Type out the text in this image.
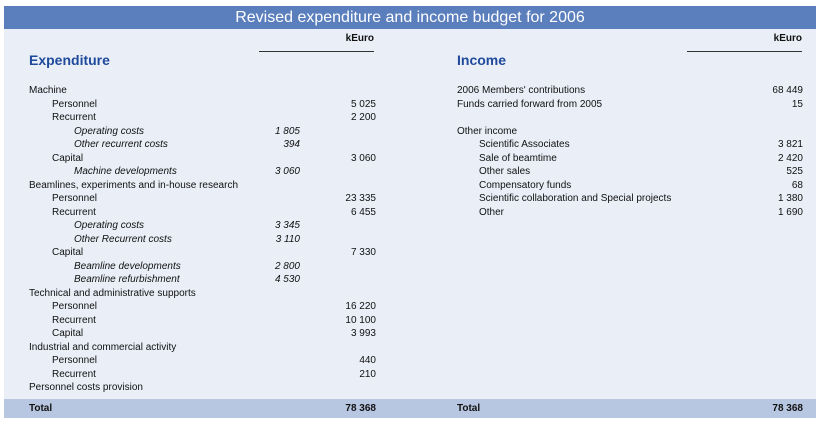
Revised expenditure and income budget for 2006
kEuro	kEuro
Expenditure	Income
Machine
Personnel	5 025
Recurrent	2 200
Operating costs	1 805
Other recurrent costs	394
Capital	3 060
Machine developments	3 060
Beamlines, experiments and in-house research
Personnel	23 335
Recurrent	6 455
Operating costs	3 345
Other Recurrent costs	3 110
Capital	7 330
Beamline developments	2 800
Beamline refurbishment	4 530
Technical and administrative supports
Personnel	16 220
Recurrent	10 100
Capital	3 993
Industrial and commercial activity
Personnel	440
Recurrent	210
Personnel costs provision
2006 Members' contributions	68 449
Funds carried forward from 2005	15
Other income
Scientific Associates	3 821
Sale of beamtime	2 420
Other sales	525
Compensatory funds	68
Scientific collaboration and Special projects	1 380
Other	1 690
Total	78 368	Total	78 368
